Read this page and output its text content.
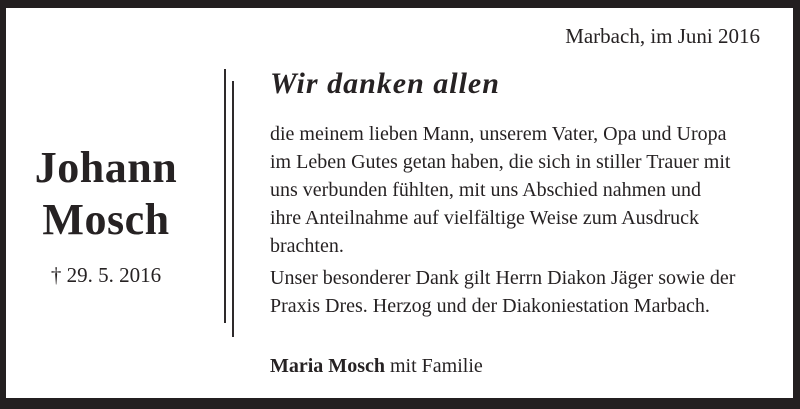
Marbach, im Juni 2016
Johann
Mosch
† 29. 5. 2016
Wir danken allen
die meinem lieben Mann, unserem Vater, Opa und Uropa
im Leben Gutes getan haben, die sich in stiller Trauer mit
uns verbunden fühlten, mit uns Abschied nahmen und
ihre Anteilnahme auf vielfältige Weise zum Ausdruck
brachten.
Unser besonderer Dank gilt Herrn Diakon Jäger sowie der
Praxis Dres. Herzog und der Diakoniestation Marbach.
Maria Mosch mit Familie
